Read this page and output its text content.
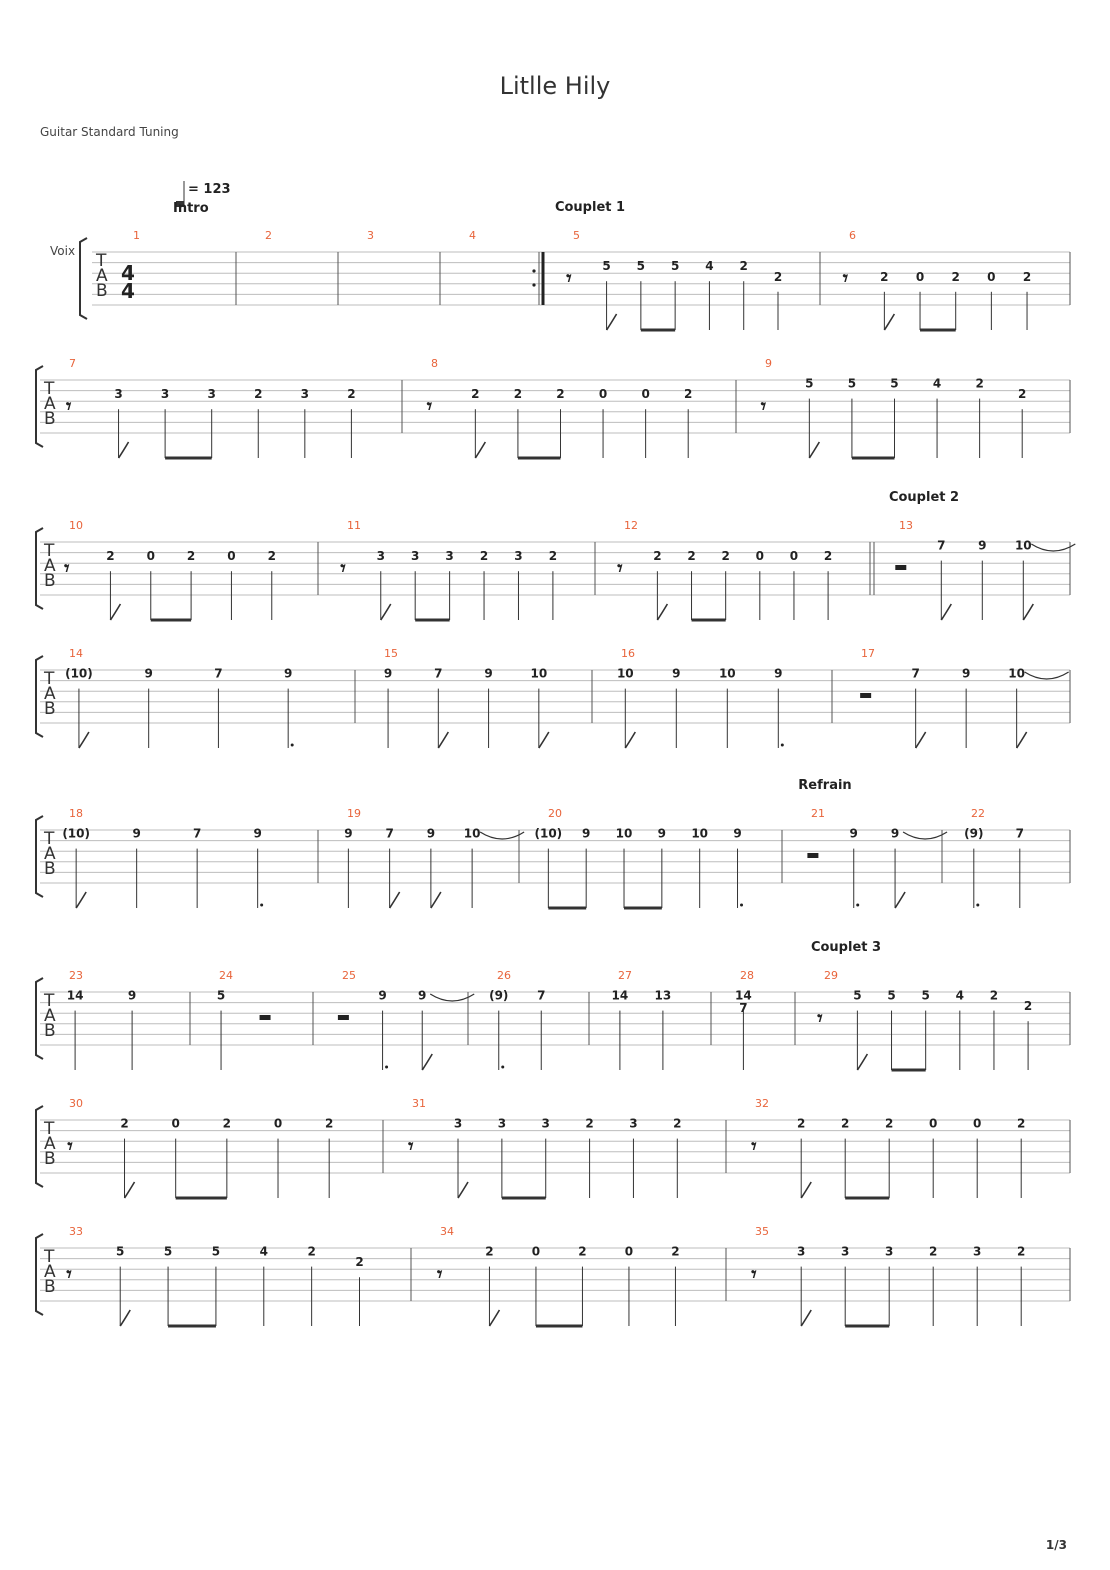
Litlle Hily
Guitar Standard Tuning
T
A
B
Voix
4
4
= 123
Intro
1	2	3	4	5
Couplet 1
𝄾	5 5 5 4 2
2
6
𝄾	2 0 2 0 2
T
A
B
7
𝄾	3	3	3	2	3	2
8
𝄾	2	2	2	0	0	2
9
𝄾
5	5	5	4	2
2
T
A
B
10
𝄾	2	0	2	0	2
11
𝄾	3 3 3 2 3 2
12
𝄾	2 2 2 0 0 2
13
Couplet 2
7	9 10
T
A
B
14
(10)	9	7	9
15
9	7	9	10
16
10	9	10	9
17
7	9	10
T
A
B
18
(10)	9	7	9
19
9	7	9 10
20
(10) 9 10 9 10 9
21
Refrain
9	9
22
(9)	7
T
A
B
23
14	9
24
5
25
9	9
26
(9) 7
27
14 13
28
14
7
29
Couplet 3
𝄾
5 5 5 4 2
2
T
A
B
30
𝄾
2	0	2	0	2
31
𝄾
3	3	3	2	3	2
32
𝄾
2	2	2	0	0	2
T
A
B
33
𝄾
5	5	5	4	2
2
34
𝄾
2	0	2	0	2
35
𝄾
3	3	3	2	3	2
1/3
